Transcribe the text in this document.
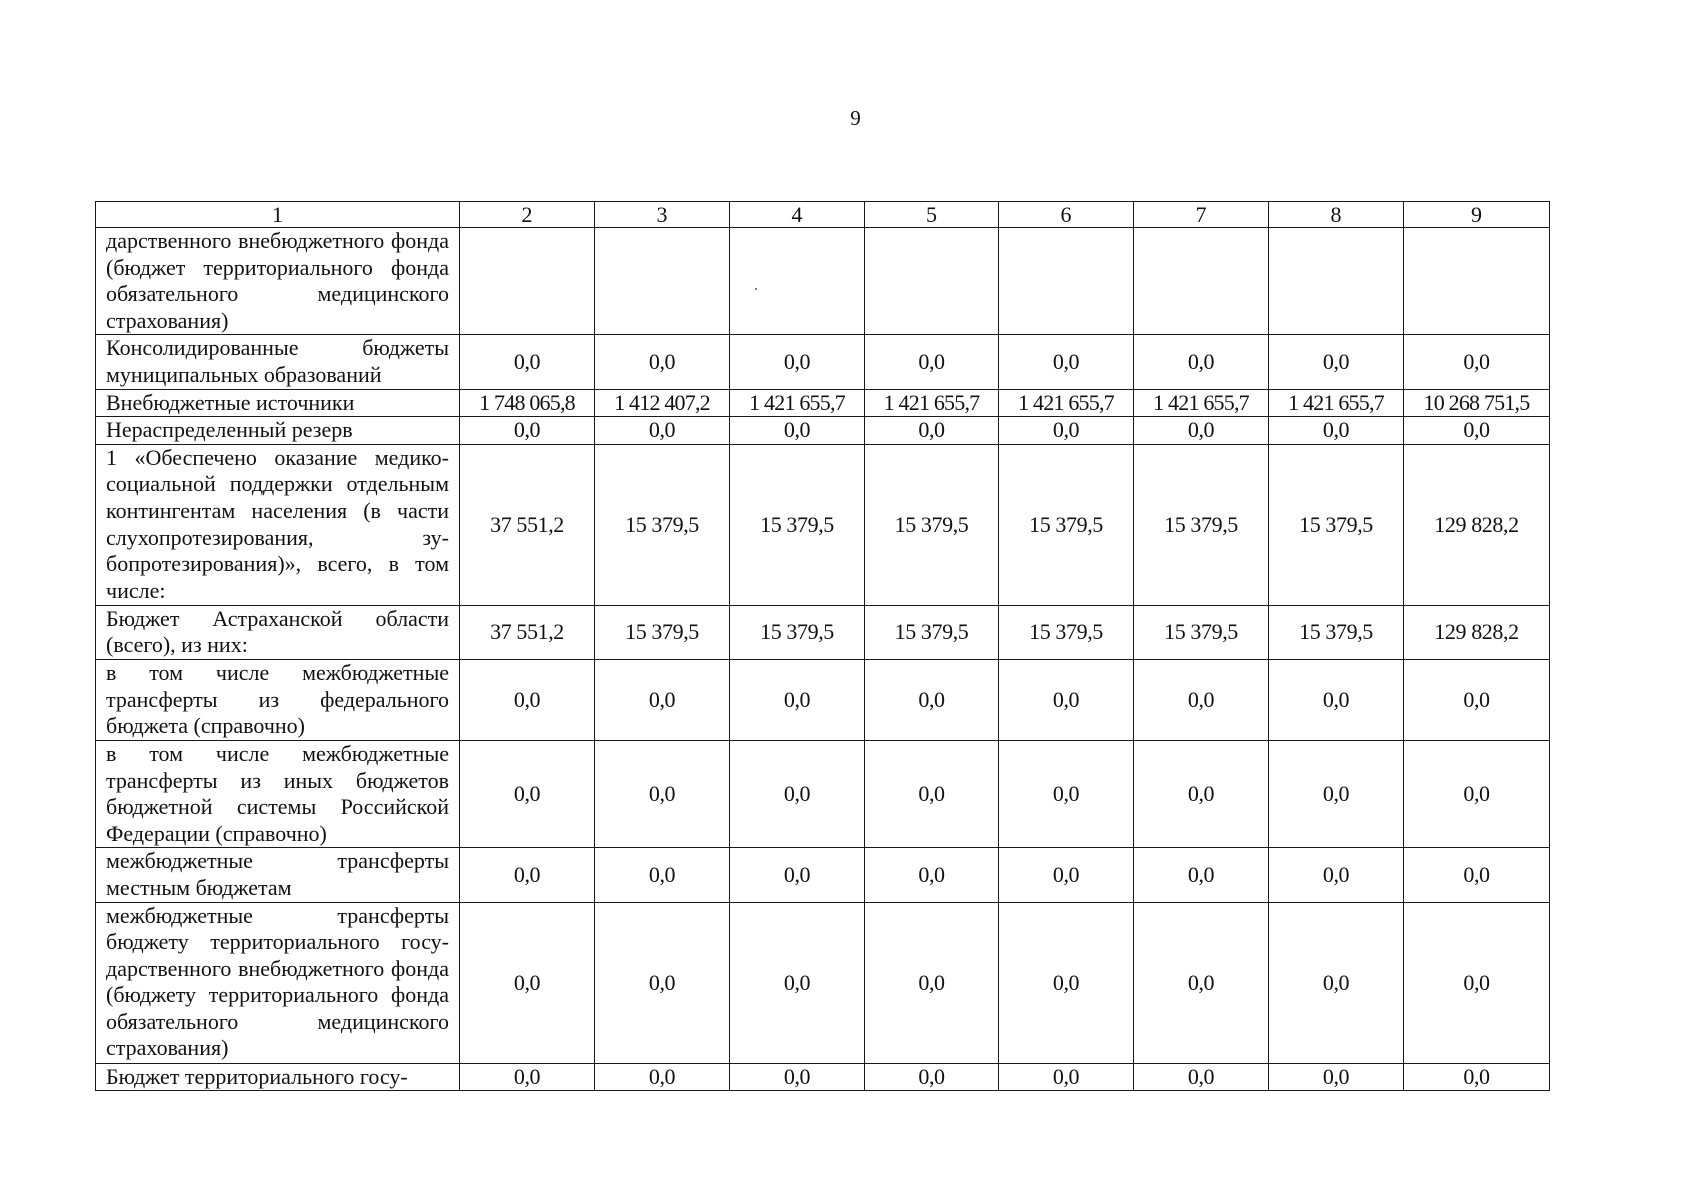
9
1	2	3	4	5	6	7	8	9
дарственного внебюджетного фонда (бюджет территориального фонда обязательного медицинского страхования)								
Консолидированные бюджеты муниципальных образований	0,0	0,0	0,0	0,0	0,0	0,0	0,0	0,0
Внебюджетные источники	1 748 065,8	1 412 407,2	1 421 655,7	1 421 655,7	1 421 655,7	1 421 655,7	1 421 655,7	10 268 751,5
Нераспределенный резерв	0,0	0,0	0,0	0,0	0,0	0,0	0,0	0,0
1 «Обеспечено оказание медико-социальной поддержки отдельным контингентам населения (в части слухопротезирования, зубопротезирования)», всего, в том числе:	37 551,2	15 379,5	15 379,5	15 379,5	15 379,5	15 379,5	15 379,5	129 828,2
Бюджет Астраханской области (всего), из них:	37 551,2	15 379,5	15 379,5	15 379,5	15 379,5	15 379,5	15 379,5	129 828,2
в том числе межбюджетные трансферты из федерального бюджета (справочно)	0,0	0,0	0,0	0,0	0,0	0,0	0,0	0,0
в том числе межбюджетные трансферты из иных бюджетов бюджетной системы Российской Федерации (справочно)	0,0	0,0	0,0	0,0	0,0	0,0	0,0	0,0
межбюджетные трансферты местным бюджетам	0,0	0,0	0,0	0,0	0,0	0,0	0,0	0,0
межбюджетные трансферты бюджету территориального государственного внебюджетного фонда (бюджету территориального фонда обязательного медицинского страхования)	0,0	0,0	0,0	0,0	0,0	0,0	0,0	0,0
Бюджет территориального госу-	0,0	0,0	0,0	0,0	0,0	0,0	0,0	0,0
